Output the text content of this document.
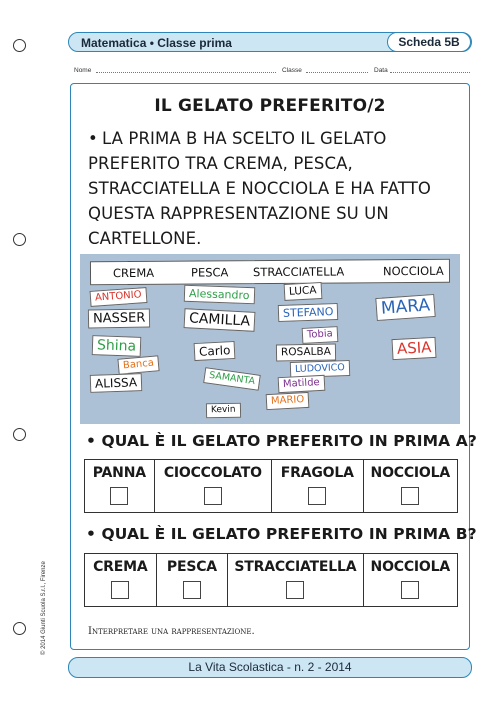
Matematica • Classe prima	Scheda 5B
Nome	Classe	Data
IL GELATO PREFERITO/2
• LA PRIMA B HA SCELTO IL GELATO PREFERITO TRA CREMA, PESCA, STRACCIATELLA E NOCCIOLA E HA FATTO QUESTA RAPPRESENTAZIONE SU UN CARTELLONE.
CREMA	PESCA STRACCIATELLA	NOCCIOLA
ANTONIO
NASSER
Shina
Banca
ALISSA
Alessandro
CAMILLA
Carlo
SAMANTA
Kevin
LUCA
STEFANO
Tobia
ROSALBA
LUDOVICO
Matilde
MARIO
MARA
ASIA
• QUAL È IL GELATO PREFERITO IN PRIMA A?
PANNA	CIOCCOLATO	FRAGOLA	NOCCIOLA
• QUAL È IL GELATO PREFERITO IN PRIMA B?
CREMA	PESCA	STRACCIATELLA	NOCCIOLA
Interpretare una rappresentazione.
© 2014 Giunti Scuola S.r.l., Firenze
La Vita Scolastica - n. 2 - 2014
